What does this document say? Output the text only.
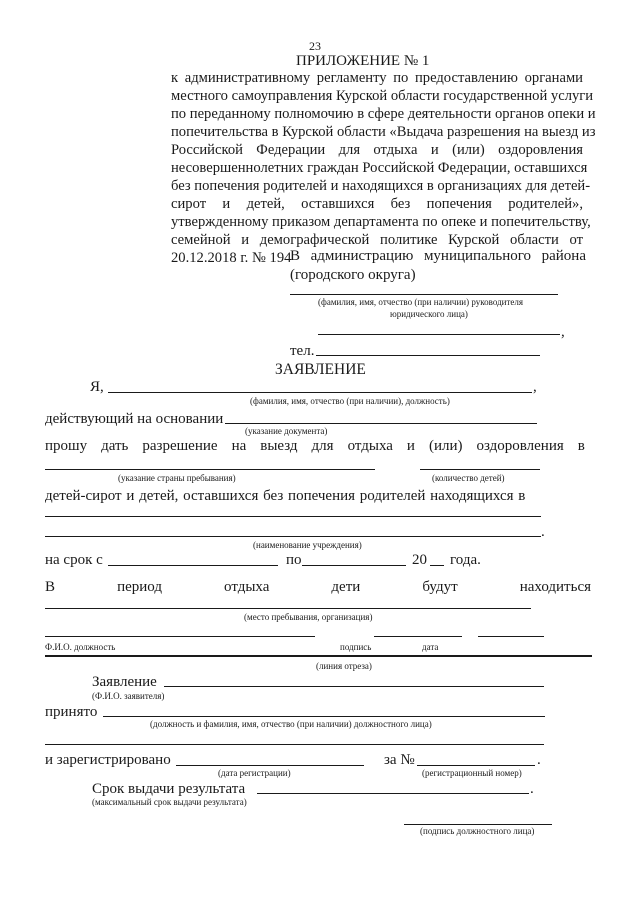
23
ПРИЛОЖЕНИЕ № 1
к административному регламенту по предоставлению органами
местного самоуправления Курской области государственной услуги
по переданному полномочию в сфере деятельности органов опеки и
попечительства в Курской области «Выдача разрешения на выезд из
Российской Федерации для отдыха и (или) оздоровления
несовершеннолетних граждан Российской Федерации, оставшихся
без попечения родителей и находящихся в организациях для детей-
сирот и детей, оставшихся без попечения родителей»,
утвержденному приказом департамента по опеке и попечительству,
семейной и демографической политике Курской области от
20.12.2018 г. № 194
В администрацию муниципального района
(городского округа)
(фамилия, имя, отчество (при наличии) руководителя
юридического лица)
,
тел.
ЗАЯВЛЕНИЕ
Я,	,
(фамилия, имя, отчество (при наличии), должность)
действующий на основании
(указание документа)
прошу дать разрешение на выезд для отдыха и (или) оздоровления в
(указание страны пребывания)	(количество детей)
детей-сирот и детей, оставшихся без попечения родителей находящихся в
.
(наименование учреждения)
на срок с	по	20 года.
В	период	отдыха	дети	будут	находиться
(место пребывания, организация)
Ф.И.О. должность	подпись	дата
(линия отреза)
Заявление
(Ф.И.О. заявителя)
принято
(должность и фамилия, имя, отчество (при наличии) должностного лица)
и зарегистрировано	за №	.
(дата регистрации)	(регистрационный номер)
Срок выдачи результата	.
(максимальный срок выдачи результата)
(подпись должностного лица)
